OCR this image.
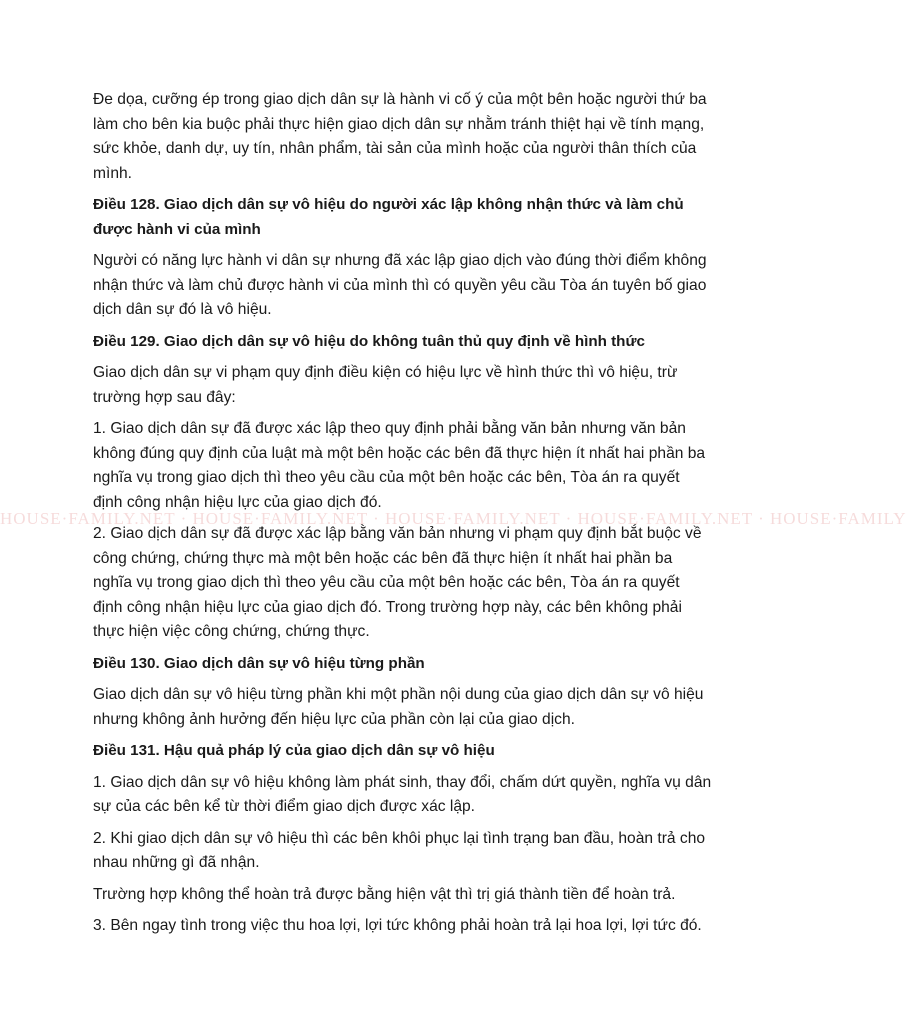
HOUSE·FAMILY.NET · HOUSE·FAMILY.NET · HOUSE·FAMILY.NET · HOUSE·FAMILY.NET · HOUSE·FAMILY

Đe dọa, cưỡng ép trong giao dịch dân sự là hành vi cố ý của một bên hoặc người thứ ba làm cho bên kia buộc phải thực hiện giao dịch dân sự nhằm tránh thiệt hại về tính mạng, sức khỏe, danh dự, uy tín, nhân phẩm, tài sản của mình hoặc của người thân thích của mình.

Điều 128. Giao dịch dân sự vô hiệu do người xác lập không nhận thức và làm chủ được hành vi của mình

Người có năng lực hành vi dân sự nhưng đã xác lập giao dịch vào đúng thời điểm không nhận thức và làm chủ được hành vi của mình thì có quyền yêu cầu Tòa án tuyên bố giao dịch dân sự đó là vô hiệu.

Điều 129. Giao dịch dân sự vô hiệu do không tuân thủ quy định về hình thức

Giao dịch dân sự vi phạm quy định điều kiện có hiệu lực về hình thức thì vô hiệu, trừ trường hợp sau đây:

1. Giao dịch dân sự đã được xác lập theo quy định phải bằng văn bản nhưng văn bản không đúng quy định của luật mà một bên hoặc các bên đã thực hiện ít nhất hai phần ba nghĩa vụ trong giao dịch thì theo yêu cầu của một bên hoặc các bên, Tòa án ra quyết định công nhận hiệu lực của giao dịch đó.

2. Giao dịch dân sự đã được xác lập bằng văn bản nhưng vi phạm quy định bắt buộc về công chứng, chứng thực mà một bên hoặc các bên đã thực hiện ít nhất hai phần ba nghĩa vụ trong giao dịch thì theo yêu cầu của một bên hoặc các bên, Tòa án ra quyết định công nhận hiệu lực của giao dịch đó. Trong trường hợp này, các bên không phải thực hiện việc công chứng, chứng thực.

Điều 130. Giao dịch dân sự vô hiệu từng phần

Giao dịch dân sự vô hiệu từng phần khi một phần nội dung của giao dịch dân sự vô hiệu nhưng không ảnh hưởng đến hiệu lực của phần còn lại của giao dịch.

Điều 131. Hậu quả pháp lý của giao dịch dân sự vô hiệu

1. Giao dịch dân sự vô hiệu không làm phát sinh, thay đổi, chấm dứt quyền, nghĩa vụ dân sự của các bên kể từ thời điểm giao dịch được xác lập.

2. Khi giao dịch dân sự vô hiệu thì các bên khôi phục lại tình trạng ban đầu, hoàn trả cho nhau những gì đã nhận.

Trường hợp không thể hoàn trả được bằng hiện vật thì trị giá thành tiền để hoàn trả.

3. Bên ngay tình trong việc thu hoa lợi, lợi tức không phải hoàn trả lại hoa lợi, lợi tức đó.
